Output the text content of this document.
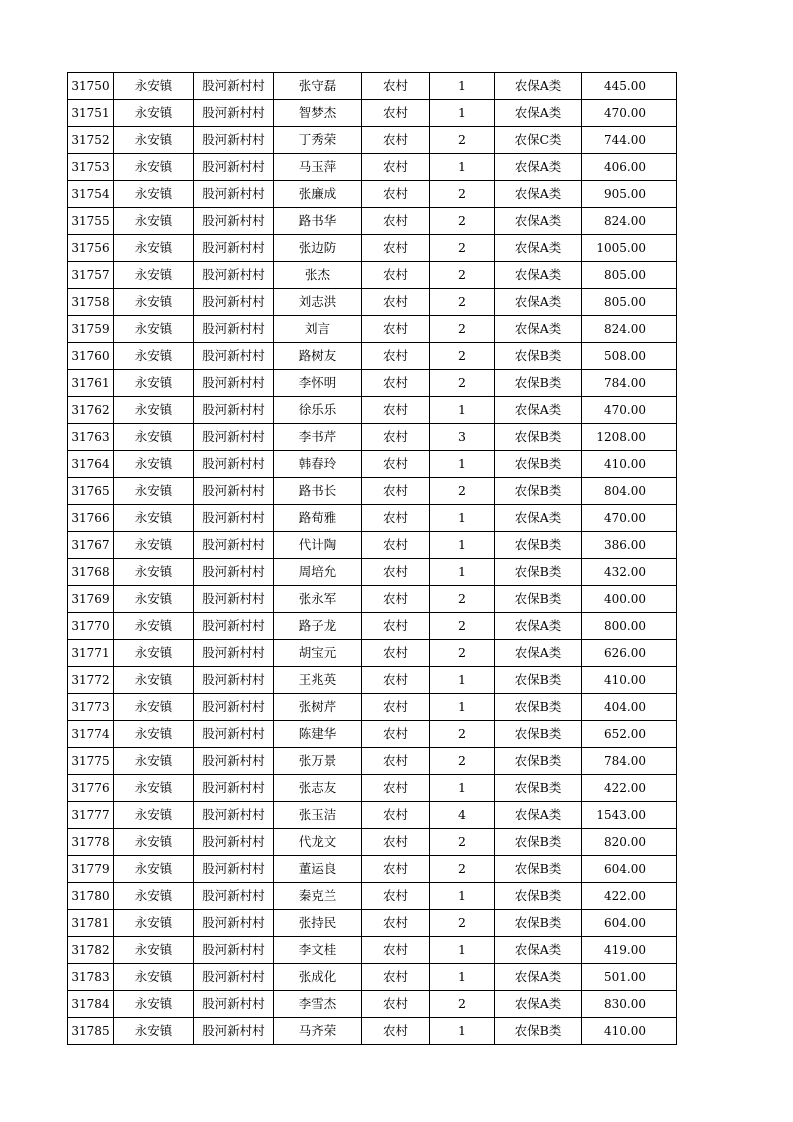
31750	永安镇	股河新村村	张守磊	农村	1	农保A类	445.00
31751	永安镇	股河新村村	智梦杰	农村	1	农保A类	470.00
31752	永安镇	股河新村村	丁秀荣	农村	2	农保C类	744.00
31753	永安镇	股河新村村	马玉萍	农村	1	农保A类	406.00
31754	永安镇	股河新村村	张廉成	农村	2	农保A类	905.00
31755	永安镇	股河新村村	路书华	农村	2	农保A类	824.00
31756	永安镇	股河新村村	张边防	农村	2	农保A类	1005.00
31757	永安镇	股河新村村	张杰	农村	2	农保A类	805.00
31758	永安镇	股河新村村	刘志洪	农村	2	农保A类	805.00
31759	永安镇	股河新村村	刘言	农村	2	农保A类	824.00
31760	永安镇	股河新村村	路树友	农村	2	农保B类	508.00
31761	永安镇	股河新村村	李怀明	农村	2	农保B类	784.00
31762	永安镇	股河新村村	徐乐乐	农村	1	农保A类	470.00
31763	永安镇	股河新村村	李书芹	农村	3	农保B类	1208.00
31764	永安镇	股河新村村	韩春玲	农村	1	农保B类	410.00
31765	永安镇	股河新村村	路书长	农村	2	农保B类	804.00
31766	永安镇	股河新村村	路荀雅	农村	1	农保A类	470.00
31767	永安镇	股河新村村	代计陶	农村	1	农保B类	386.00
31768	永安镇	股河新村村	周培允	农村	1	农保B类	432.00
31769	永安镇	股河新村村	张永军	农村	2	农保B类	400.00
31770	永安镇	股河新村村	路子龙	农村	2	农保A类	800.00
31771	永安镇	股河新村村	胡宝元	农村	2	农保A类	626.00
31772	永安镇	股河新村村	王兆英	农村	1	农保B类	410.00
31773	永安镇	股河新村村	张树芹	农村	1	农保B类	404.00
31774	永安镇	股河新村村	陈建华	农村	2	农保B类	652.00
31775	永安镇	股河新村村	张万景	农村	2	农保B类	784.00
31776	永安镇	股河新村村	张志友	农村	1	农保B类	422.00
31777	永安镇	股河新村村	张玉洁	农村	4	农保A类	1543.00
31778	永安镇	股河新村村	代龙文	农村	2	农保B类	820.00
31779	永安镇	股河新村村	董运良	农村	2	农保B类	604.00
31780	永安镇	股河新村村	秦克兰	农村	1	农保B类	422.00
31781	永安镇	股河新村村	张持民	农村	2	农保B类	604.00
31782	永安镇	股河新村村	李文桂	农村	1	农保A类	419.00
31783	永安镇	股河新村村	张成化	农村	1	农保A类	501.00
31784	永安镇	股河新村村	李雪杰	农村	2	农保A类	830.00
31785	永安镇	股河新村村	马齐荣	农村	1	农保B类	410.00
